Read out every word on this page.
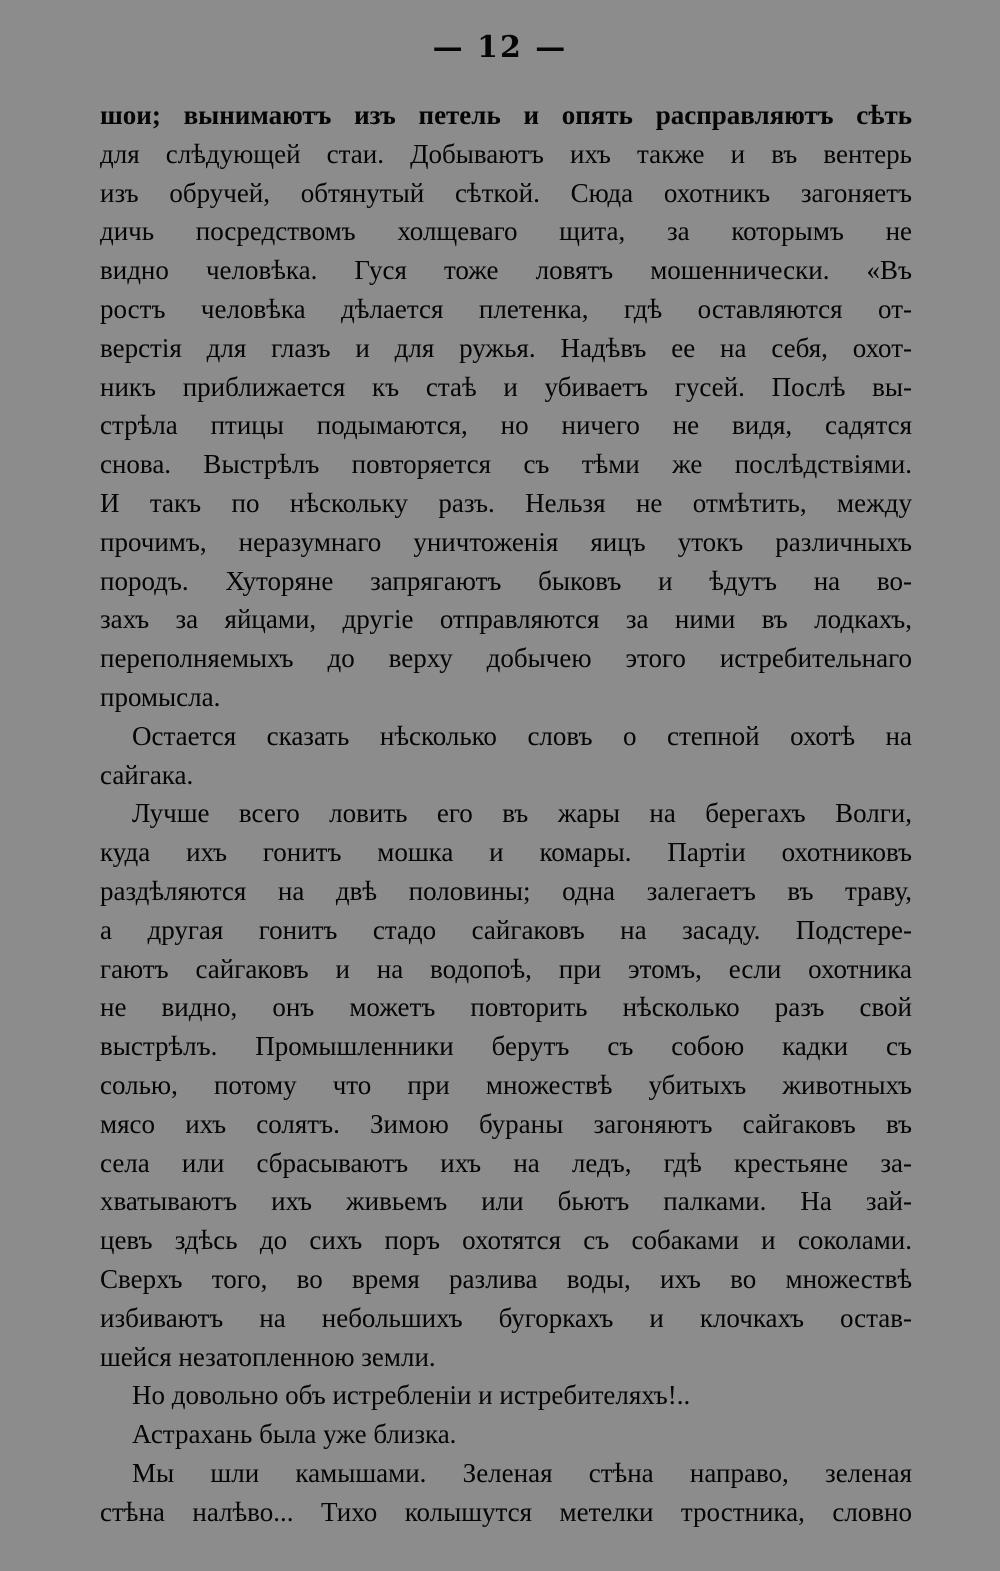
— 12 —
шои; вынимаютъ изъ петель и опять расправляютъ сѣть
для слѣдующей стаи. Добываютъ ихъ также и въ вентерь
изъ обручей, обтянутый сѣткой. Сюда охотникъ загоняетъ
дичь посредствомъ холщеваго щита, за которымъ не
видно человѣка. Гуся тоже ловятъ мошеннически. «Въ
ростъ человѣка дѣлается плетенка, гдѣ оставляются от-
верстія для глазъ и для ружья. Надѣвъ ее на себя, охот-
никъ приближается къ стаѣ и убиваетъ гусей. Послѣ вы-
стрѣла птицы подымаются, но ничего не видя, садятся
снова. Выстрѣлъ повторяется съ тѣми же послѣдствіями.
И такъ по нѣскольку разъ. Нельзя не отмѣтить, между
прочимъ, неразумнаго уничтоженія яицъ утокъ различныхъ
породъ. Хуторяне запрягаютъ быковъ и ѣдутъ на во-
захъ за яйцами, другіе отправляются за ними въ лодкахъ,
переполняемыхъ до верху добычею этого истребительнаго
промысла.
Остается сказать нѣсколько словъ о степной охотѣ на
сайгака.
Лучше всего ловить его въ жары на берегахъ Волги,
куда ихъ гонитъ мошка и комары. Партіи охотниковъ
раздѣляются на двѣ половины; одна залегаетъ въ траву,
а другая гонитъ стадо сайгаковъ на засаду. Подстере-
гаютъ сайгаковъ и на водопоѣ, при этомъ, если охотника
не видно, онъ можетъ повторить нѣсколько разъ свой
выстрѣлъ. Промышленники берутъ съ собою кадки съ
солью, потому что при множествѣ убитыхъ животныхъ
мясо ихъ солятъ. Зимою бураны загоняютъ сайгаковъ въ
села или сбрасываютъ ихъ на ледъ, гдѣ крестьяне за-
хватываютъ ихъ живьемъ или бьютъ палками. На зай-
цевъ здѣсь до сихъ поръ охотятся съ собаками и соколами.
Сверхъ того, во время разлива воды, ихъ во множествѣ
избиваютъ на небольшихъ бугоркахъ и клочкахъ остав-
шейся незатопленною земли.
Но довольно объ истребленіи и истребителяхъ!..
Астрахань была уже близка.
Мы шли камышами. Зеленая стѣна направо, зеленая
стѣна налѣво... Тихо колышутся метелки тростника, словно
